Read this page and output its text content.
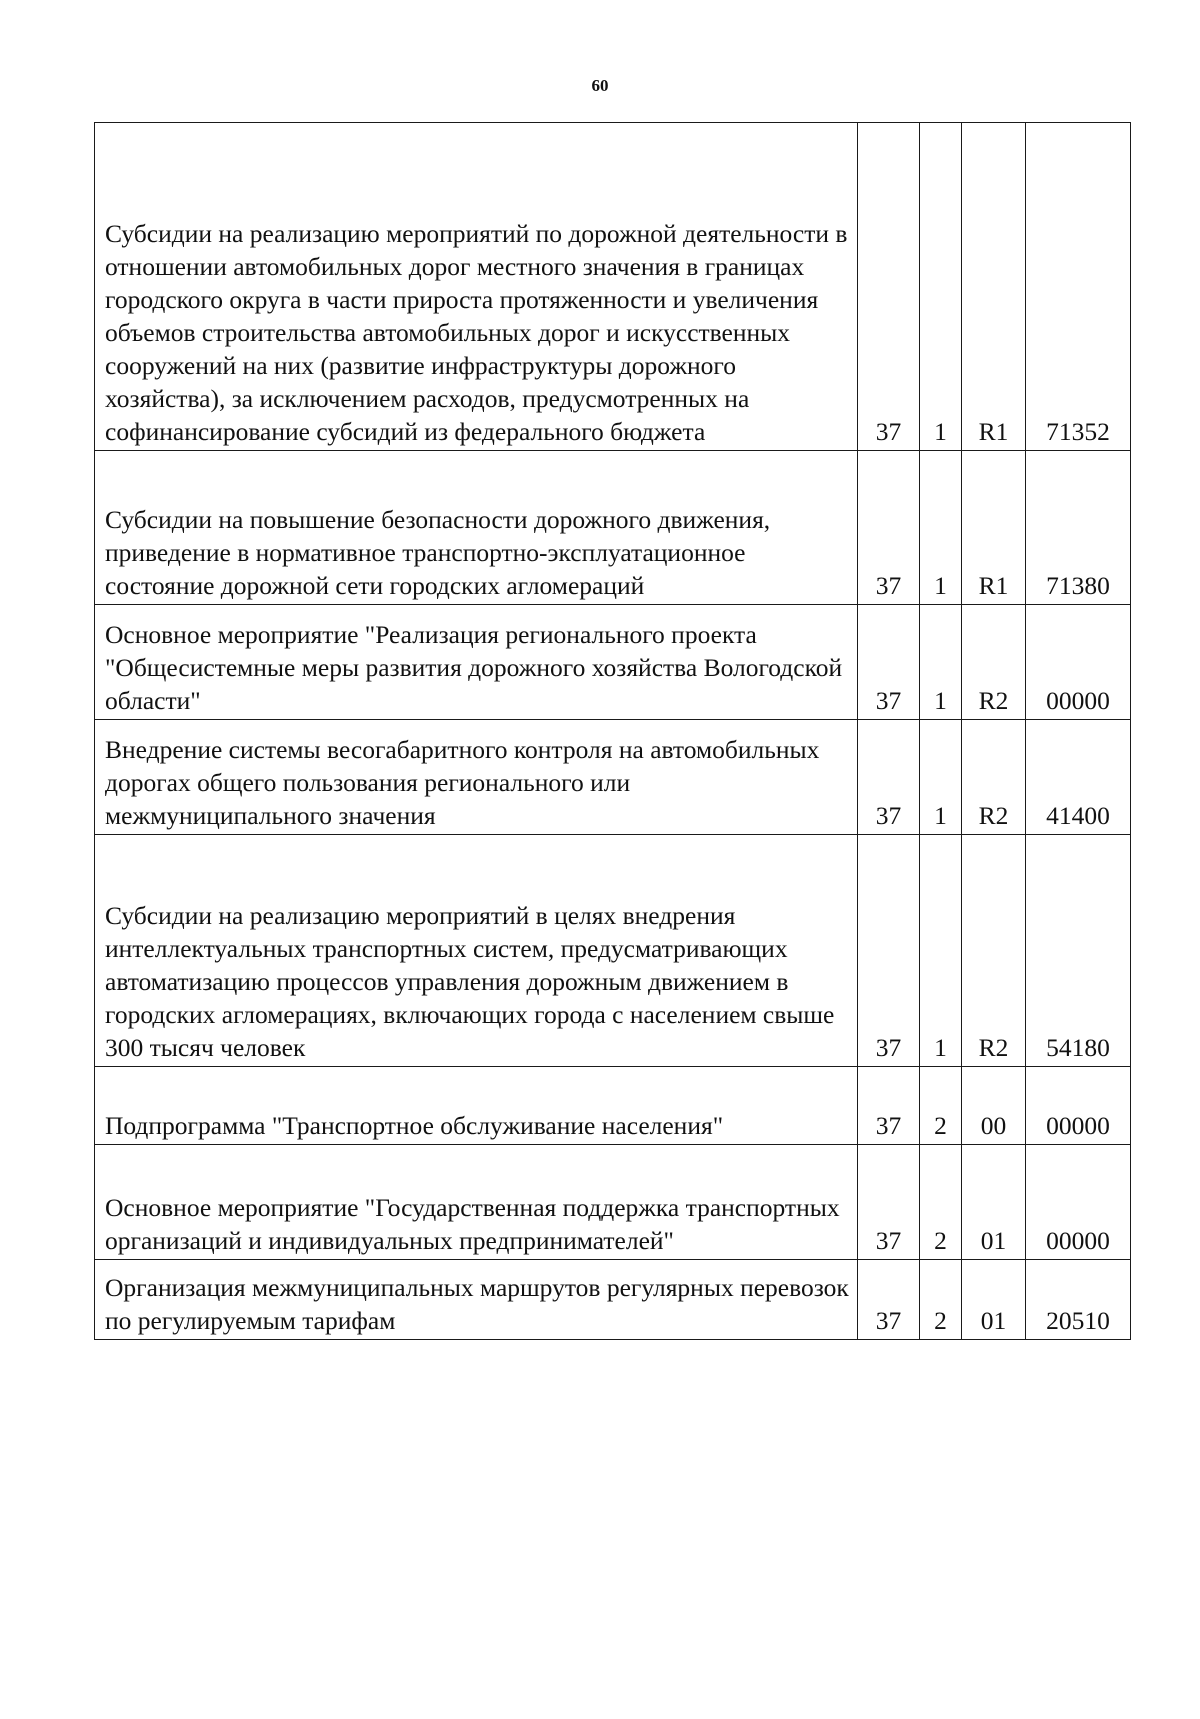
60
Субсидии на реализацию мероприятий по дорожной деятельности в отношении автомобильных дорог местного значения в границах городского округа в части прироста протяженности и увеличения объемов строительства автомобильных дорог и искусственных сооружений на них (развитие инфраструктуры дорожного хозяйства), за исключением расходов, предусмотренных на софинансирование субсидий из федерального бюджета	37	1	R1	71352

Субсидии на повышение безопасности дорожного движения, приведение в нормативное транспортно-эксплуатационное состояние дорожной сети городских агломераций	37	1	R1	71380

Основное мероприятие "Реализация регионального проекта "Общесистемные меры развития дорожного хозяйства Вологодской области"	37	1	R2	00000

Внедрение системы весогабаритного контроля на автомобильных дорогах общего пользования регионального или межмуниципального значения	37	1	R2	41400

Субсидии на реализацию мероприятий в целях внедрения интеллектуальных транспортных систем, предусматривающих автоматизацию процессов управления дорожным движением в городских агломерациях, включающих города с населением свыше 300 тысяч человек	37	1	R2	54180

Подпрограмма "Транспортное обслуживание населения"	37	2	00	00000

Основное мероприятие "Государственная поддержка транспортных организаций и индивидуальных предпринимателей"	37	2	01	00000

Организация межмуниципальных маршрутов регулярных перевозок по регулируемым тарифам	37	2	01	20510
